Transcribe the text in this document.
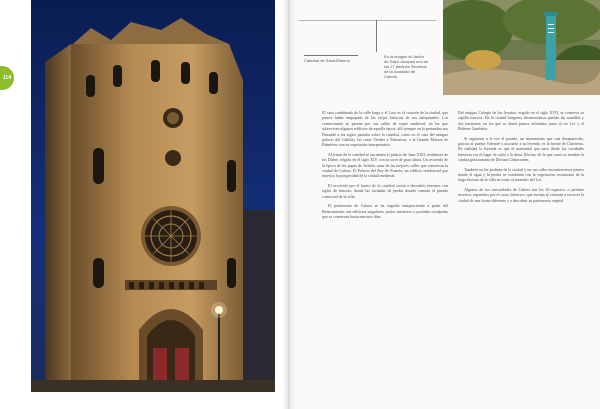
114
Catedral de Saint-Étienne.
En la imagen el Jardín de Saint-Jacques uno de los 27 jardines Secretos de la localidad de Cahors.

El caso combinado de la calle larga y el Loto es el corazón de la ciudad, que parece haber empapado de las viejas historias de sus antepasados. Los comerciantes se pasean por sus calles de toque medieval, en las que sobreviven algunos edificios de aquella época, allí siempre en la penumbra sus Durandó a los siglos pasados sobre la catedral, como en el caso del antiguo palacio del Cabildo, las casas Verdier y Palmeiras, o la Grande Maison de Palmières con su exposición interpretativa.

Al frente de la catedral se encuentra el palacio de Juan XXII, residencia de los Duèze, erigido en el siglo XIV, con su torre de gran altura. Un recuerdo de la época de los papas de Aviñón, unas de las mejores calles que conservan la ciudad de Cahors. El Palacio del Rey de Francia, un edificio residencial que muestra la prosperidad de la ciudad medieval.

El recorrido por el barrio de la catedral invita a descubrir rincones con siglos de historia, donde las fachadas de piedra dorada cuentan el pasado comercial de la villa.

El patrimonio de Cahors se ha seguido enriqueciendo a partir del Renacimiento con edificios singulares, patios interiores y portadas esculpidas que se conservan hasta nuestros días.

Del antiguo Colegio de los Jesuitas, erigido en el siglo XVII, se conserva su capilla barroca. De la ciudad burguesa decimonónica quedan las murallas y dos bastiones, en los que se abren paseos arbolados junto al río Lot y el Bulevar Gambetta.

Si seguimos a la vez el pasado, un monumento que casi desaparecido, gracias al puente Valentré y asociado a su leyenda, es la fuente de Chartreux. En realidad la leyenda es que el manantial que nace desde las cavidades kársticas era el lugar de culto a la diosa Divona, de la que tomó su nombre la ciudad galorromana de Divona Cadurcorum.

También en las jardines de la ciudad y en sus calles encontraremos paseos donde el agua y la piedra se combinan con la vegetación, testimonio de la larga historia de la villa en torno al meandro del Lot.

Algunos de los curiosidades de Cahors son los 26 espacios, o jardines secretos, repartidos por el casco histórico, que invitan al visitante a recorrer la ciudad de una forma diferente y a descubrir su patrimonio vegetal.
